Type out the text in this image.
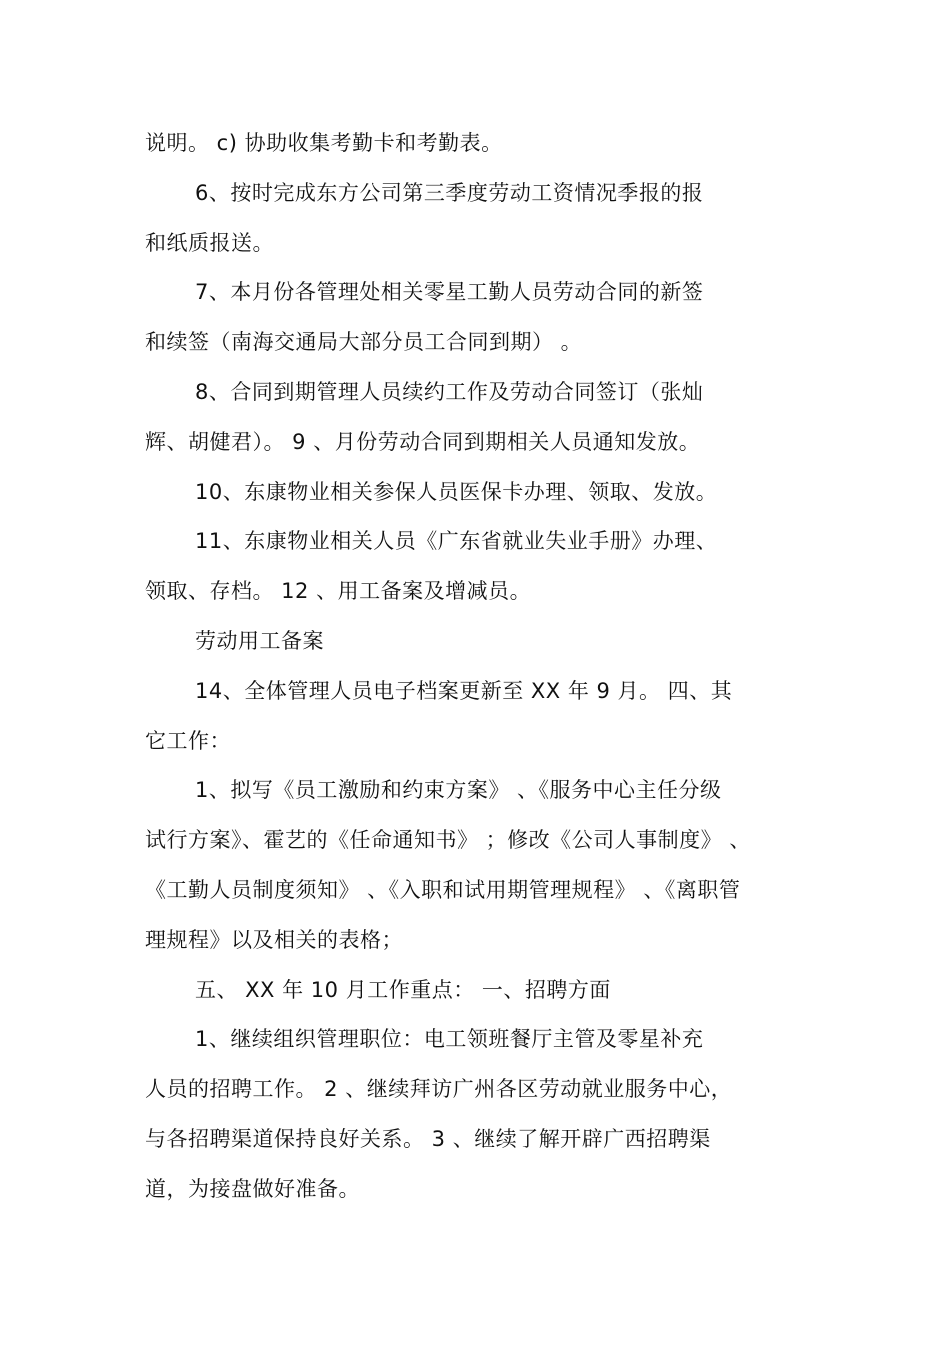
说明。 c) 协助收集考勤卡和考勤表。
6、按时完成东方公司第三季度劳动工资情况季报的报
和纸质报送。
7、本月份各管理处相关零星工勤人员劳动合同的新签
和续签（南海交通局大部分员工合同到期） 。
8、合同到期管理人员续约工作及劳动合同签订（张灿
辉、胡健君）。 9 、月份劳动合同到期相关人员通知发放。
10、东康物业相关参保人员医保卡办理、领取、发放。
11、东康物业相关人员《广东省就业失业手册》办理、
领取、存档。 12 、用工备案及增减员。
劳动用工备案
14、全体管理人员电子档案更新至 XX 年 9 月。 四、其
它工作：
1、拟写《员工激励和约束方案》 、《服务中心主任分级
试行方案》、霍艺的《任命通知书》 ；修改《公司人事制度》 、
《工勤人员制度须知》 、《入职和试用期管理规程》 、《离职管
理规程》以及相关的表格；
五、 XX 年 10 月工作重点： 一、招聘方面
1、继续组织管理职位：电工领班餐厅主管及零星补充
人员的招聘工作。 2 、继续拜访广州各区劳动就业服务中心，
与各招聘渠道保持良好关系。 3 、继续了解开辟广西招聘渠
道，为接盘做好准备。
